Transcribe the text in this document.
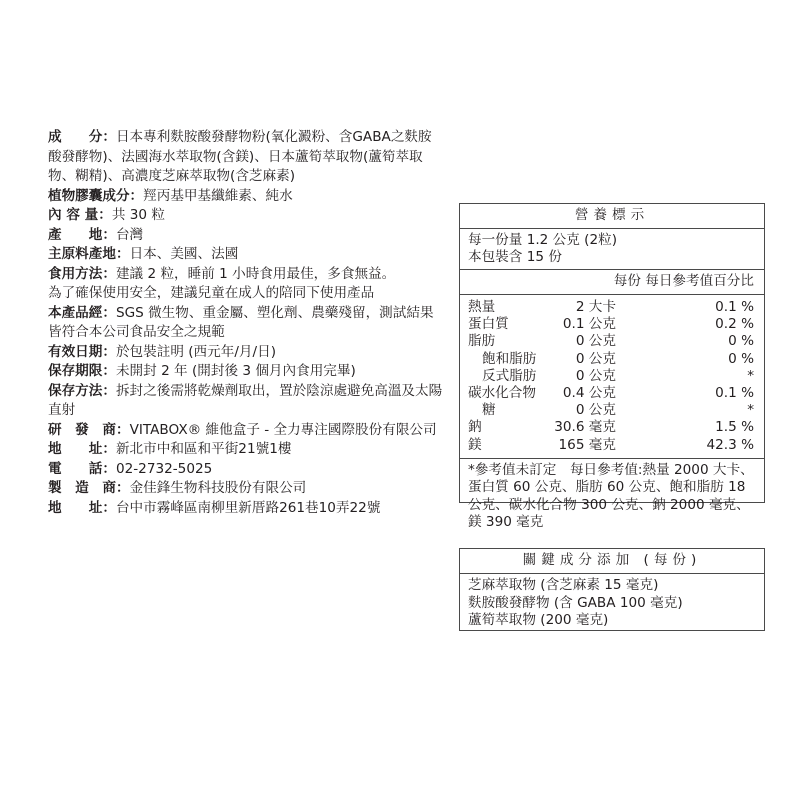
成　　分：日本專利麩胺酸發酵物粉(氧化澱粉、含GABA之麩胺酸發酵物)、法國海水萃取物(含鎂)、日本蘆筍萃取物(蘆筍萃取物、糊精)、高濃度芝麻萃取物(含芝麻素)

植物膠囊成分：羥丙基甲基纖維素、純水

內 容 量：共 30 粒

產　　地：台灣

主原料產地：日本、美國、法國

食用方法：建議 2 粒，睡前 1 小時食用最佳，多食無益。

為了確保使用安全，建議兒童在成人的陪同下使用產品

本產品經：SGS 微生物、重金屬、塑化劑、農藥殘留，測試結果皆符合本公司食品安全之規範

有效日期：於包裝註明 (西元年/月/日)

保存期限：未開封 2 年 (開封後 3 個月內食用完畢)

保存方法：拆封之後需將乾燥劑取出，置於陰涼處避免高溫及太陽直射

研　發　商：VITABOX® 維他盒子 - 全力專注國際股份有限公司

地　　址：新北市中和區和平街21號1樓

電　　話：02-2732-5025

製　造　商：金佳鋒生物科技股份有限公司

地　　址：台中市霧峰區南柳里新厝路261巷10弄22號

營養標示
每一份量 1.2 公克 (2粒)
本包裝含 15 份
每份 每日參考值百分比
熱量	2 大卡	0.1 %
蛋白質	0.1 公克	0.2 %
脂肪	0 公克	0 %
飽和脂肪	0 公克	0 %
反式脂肪	0 公克	*
碳水化合物	0.4 公克	0.1 %
糖	0 公克	*
鈉	30.6 毫克	1.5 %
鎂	165 毫克	42.3 %
*參考值未訂定　每日參考值:熱量 2000 大卡、蛋白質 60 公克、脂肪 60 公克、飽和脂肪 18 公克、碳水化合物 300 公克、鈉 2000 毫克、鎂 390 毫克
關鍵成分添加 (每份)
芝麻萃取物 (含芝麻素 15 毫克)
麩胺酸發酵物 (含 GABA 100 毫克)
蘆筍萃取物 (200 毫克)
